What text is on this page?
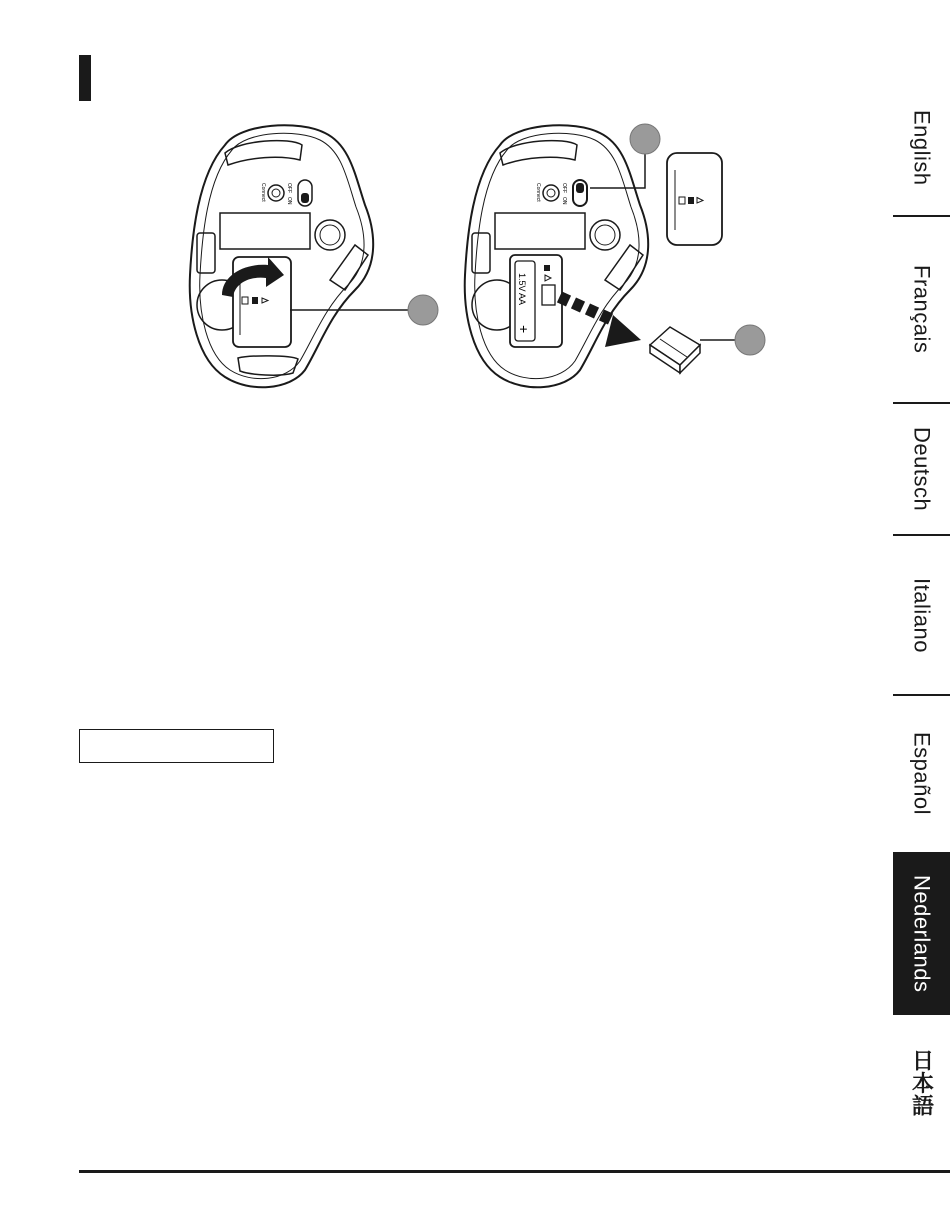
OFF
ON
Connect	OFF
ON
Connect
1.5V
AA
+
English
Français
Deutsch
Italiano
Español
Nederlands
日本語
